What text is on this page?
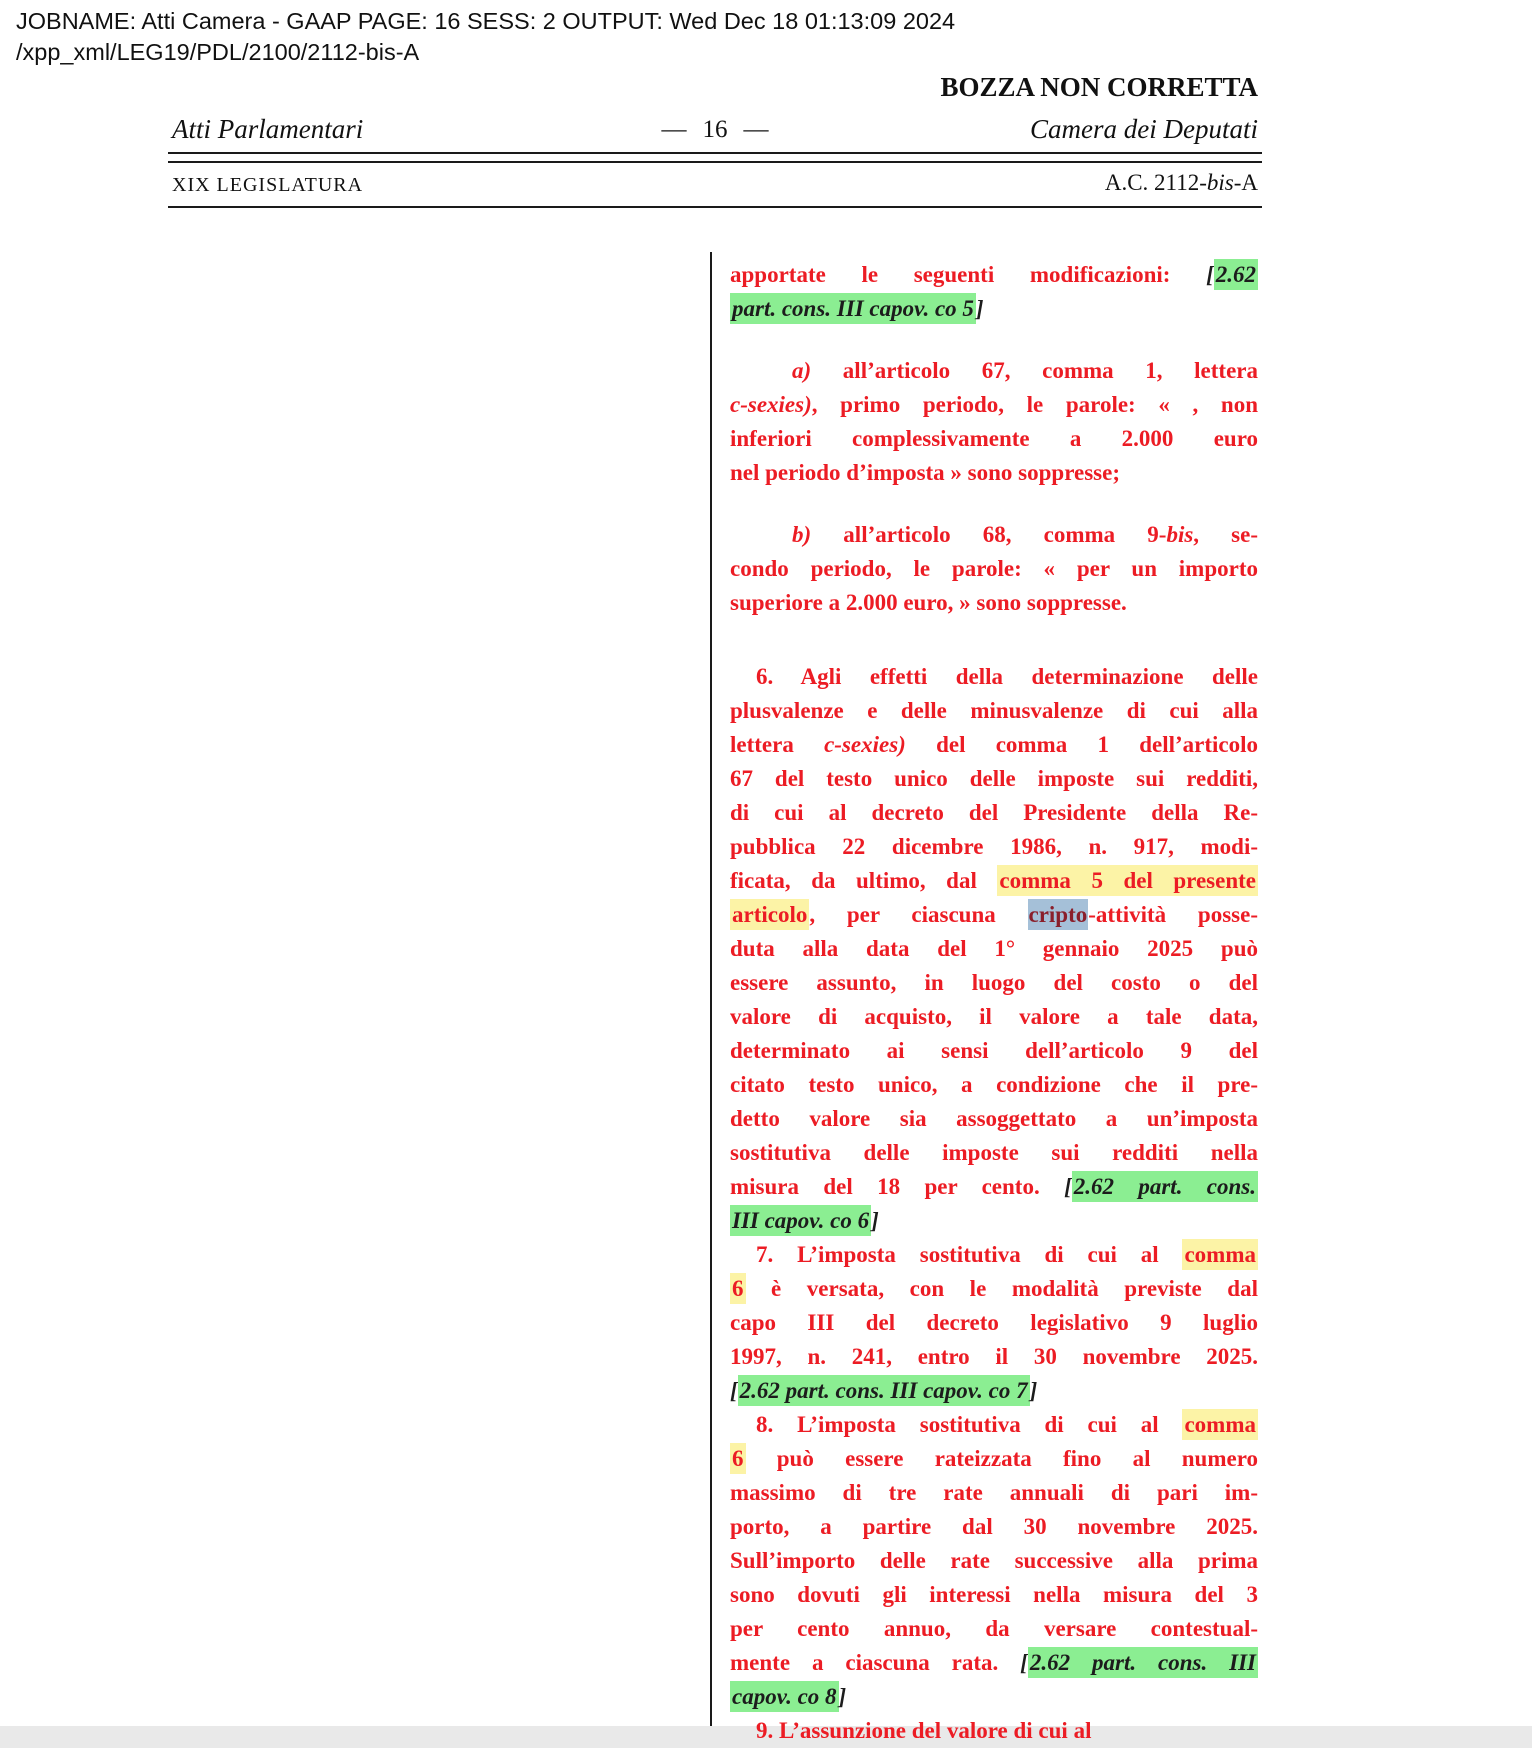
JOBNAME: Atti Camera - GAAP PAGE: 16 SESS: 2 OUTPUT: Wed Dec 18 01:13:09 2024
/xpp_xml/LEG19/PDL/2100/2112-bis-A
BOZZA NON CORRETTA
Atti Parlamentari	— 16 —	Camera dei Deputati
XIX LEGISLATURA	A.C. 2112-bis-A
apportate le seguenti modificazioni: [2.62
part. cons. III capov. co 5]
a) all’articolo 67, comma 1, lettera
c-sexies), primo periodo, le parole: « , non
inferiori complessivamente a 2.000 euro
nel periodo d’imposta » sono soppresse;
b) all’articolo 68, comma 9-bis, se-
condo periodo, le parole: « per un importo
superiore a 2.000 euro, » sono soppresse.
6. Agli effetti della determinazione delle
plusvalenze e delle minusvalenze di cui alla
lettera c-sexies) del comma 1 dell’articolo
67 del testo unico delle imposte sui redditi,
di cui al decreto del Presidente della Re-
pubblica 22 dicembre 1986, n. 917, modi-
ficata, da ultimo, dal comma 5 del presente
articolo, per ciascuna cripto-attività posse-
duta alla data del 1° gennaio 2025 può
essere assunto, in luogo del costo o del
valore di acquisto, il valore a tale data,
determinato ai sensi dell’articolo 9 del
citato testo unico, a condizione che il pre-
detto valore sia assoggettato a un’imposta
sostitutiva delle imposte sui redditi nella
misura del 18 per cento. [2.62 part. cons.
III capov. co 6]
7. L’imposta sostitutiva di cui al comma
6 è versata, con le modalità previste dal
capo III del decreto legislativo 9 luglio
1997, n. 241, entro il 30 novembre 2025.
[2.62 part. cons. III capov. co 7]
8. L’imposta sostitutiva di cui al comma
6 può essere rateizzata fino al numero
massimo di tre rate annuali di pari im-
porto, a partire dal 30 novembre 2025.
Sull’importo delle rate successive alla prima
sono dovuti gli interessi nella misura del 3
per cento annuo, da versare contestual-
mente a ciascuna rata. [2.62 part. cons. III
capov. co 8]
9. L’assunzione del valore di cui al
